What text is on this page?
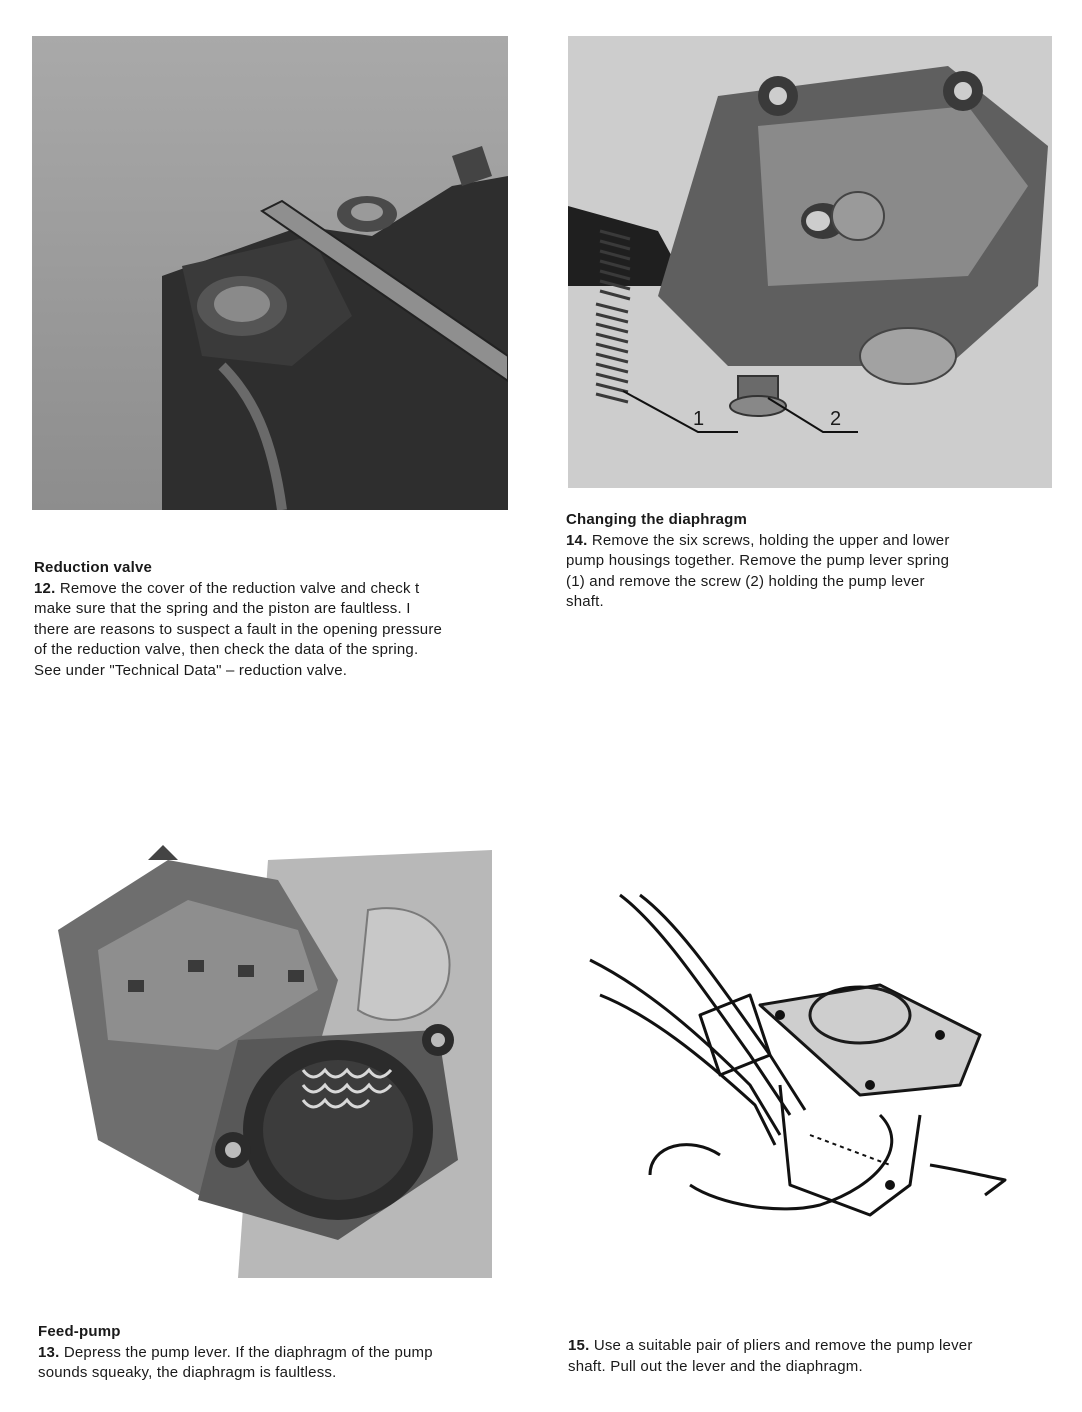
1	2
Reduction valve
12. Remove the cover of the reduction valve and check t
make sure that the spring and the piston are faultless. I
there are reasons to suspect a fault in the opening pressure
of the reduction valve, then check the data of the spring.
See under "Technical Data" – reduction valve.
Changing the diaphragm
14. Remove the six screws, holding the upper and lower
pump housings together. Remove the pump lever spring
(1) and remove the screw (2) holding the pump lever
shaft.
Feed-pump
13. Depress the pump lever. If the diaphragm of the pump
sounds squeaky, the diaphragm is faultless.
15. Use a suitable pair of pliers and remove the pump lever
shaft. Pull out the lever and the diaphragm.
